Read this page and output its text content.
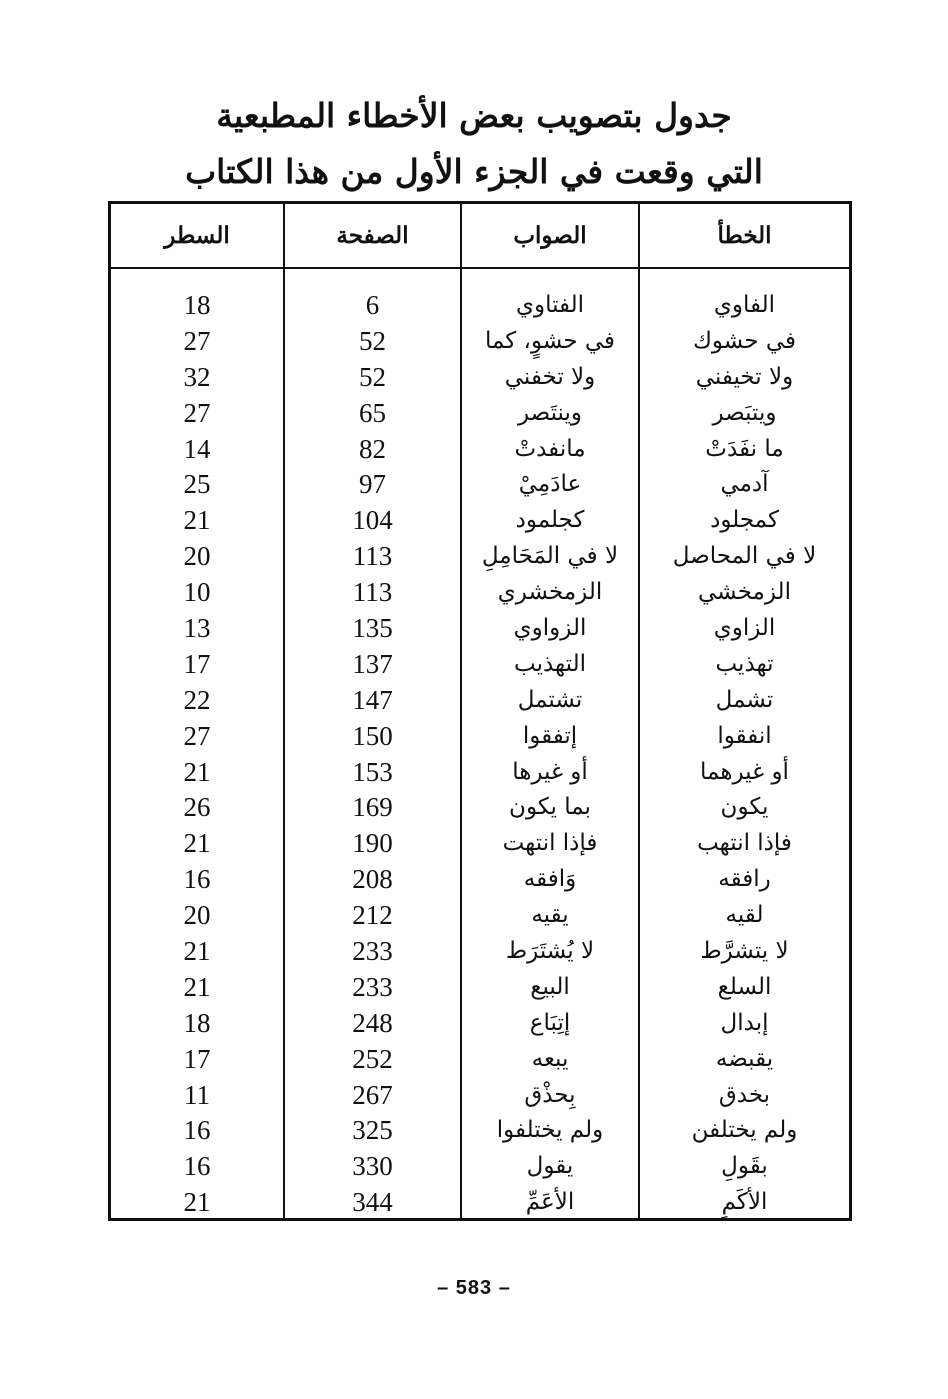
جدول بتصويب بعض الأخطاء المطبعية
التي وقعت في الجزء الأول من هذا الكتاب
الخطأ
الصواب
الصفحة
السطر
الفاوي
الفتاوي
6
18
في حشوك
في حشوٍ، كما
52
27
ولا تخيفني
ولا تخفني
52
32
ويتبَصر
وينتَصر
65
27
ما نفَدَتْ
مانفدتْ
82
14
آدمي
عادَمِيْ
97
25
كمجلود
كجلمود
104
21
لا في المحاصل
لا في المَحَامِلِ
113
20
الزمخشي
الزمخشري
113
10
الزاوي
الزواوي
135
13
تهذيب
التهذيب
137
17
تشمل
تشتمل
147
22
انفقوا
إتفقوا
150
27
أو غيرهما
أو غيرها
153
21
يكون
بما يكون
169
26
فإذا انتهب
فإذا انتهت
190
21
رافقه
وَافقه
208
16
لقيه
يقيه
212
20
لا يتشرَّط
لا يُشتَرَط
233
21
السلع
البيع
233
21
إبدال
إتِبَاع
248
18
يقبضه
يبعه
252
17
بخدق
بِحذْق
267
11
ولم يختلفن
ولم يختلفوا
325
16
بقَولِ
يقول
330
16
الأكَمِ
الأعَمِّ
344
21
– 583 –
